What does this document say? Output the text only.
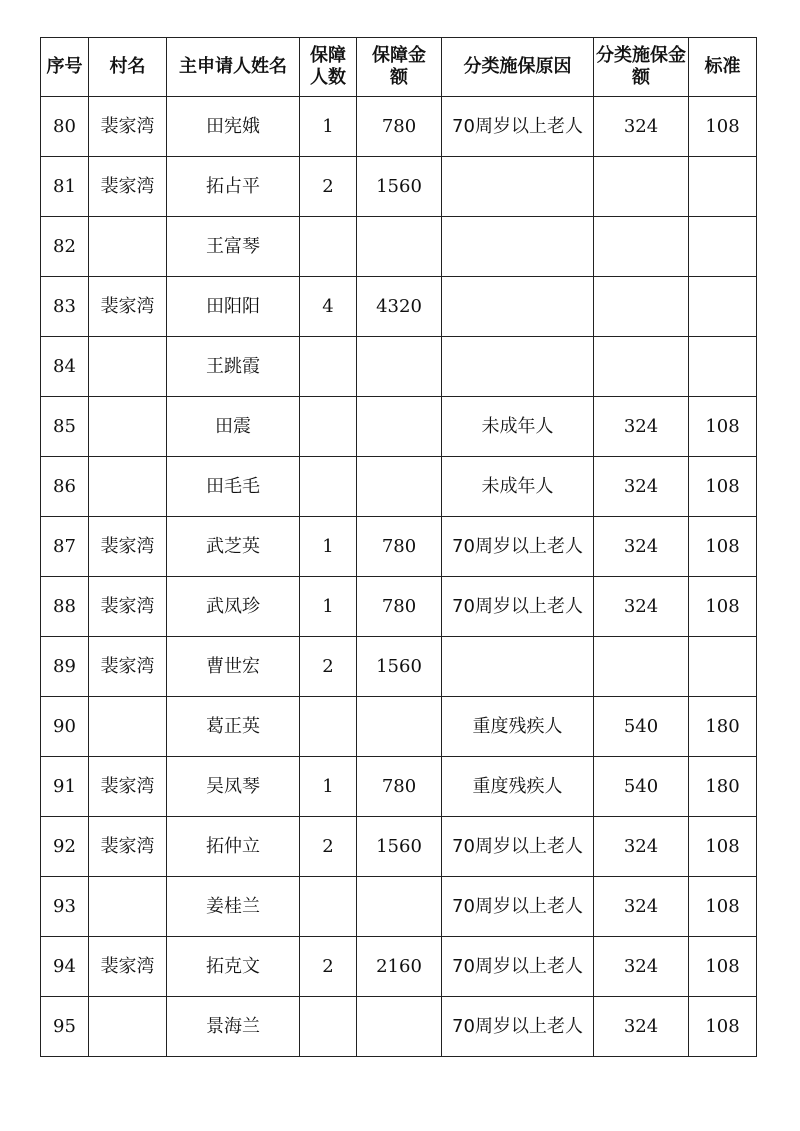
序号	村名	主申请人姓名	保障人数	保障金额	分类施保原因	分类施保金额	标准

80	裴家湾	田宪娥	1	780	70周岁以上老人	324	108

81	裴家湾	拓占平	2	1560			

82		王富琴					

83	裴家湾	田阳阳	4	4320			

84		王跳霞					

85		田震			未成年人	324	108

86		田毛毛			未成年人	324	108

87	裴家湾	武芝英	1	780	70周岁以上老人	324	108

88	裴家湾	武凤珍	1	780	70周岁以上老人	324	108

89	裴家湾	曹世宏	2	1560			

90		葛正英			重度残疾人	540	180

91	裴家湾	吴凤琴	1	780	重度残疾人	540	180

92	裴家湾	拓仲立	2	1560	70周岁以上老人	324	108

93		姜桂兰			70周岁以上老人	324	108

94	裴家湾	拓克文	2	2160	70周岁以上老人	324	108

95		景海兰			70周岁以上老人	324	108
